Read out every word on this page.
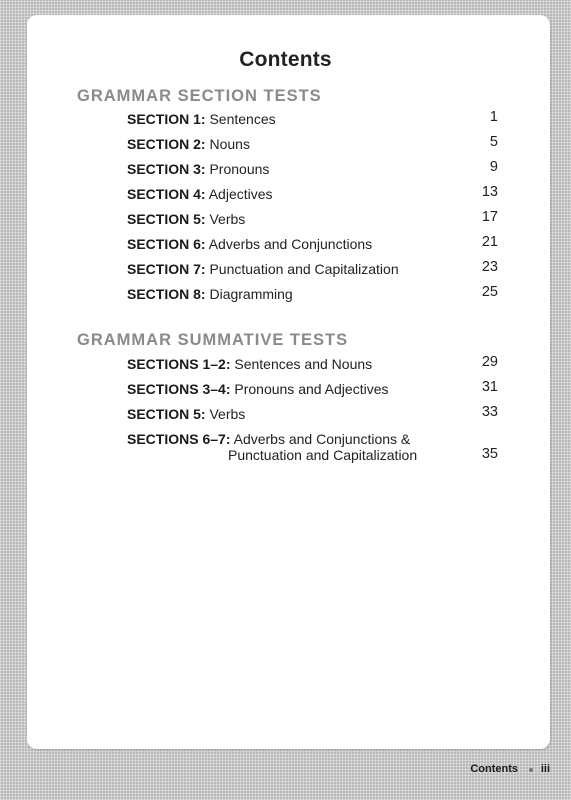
Contents
GRAMMAR SECTION TESTS
SECTION 1: Sentences	1
SECTION 2: Nouns	5
SECTION 3: Pronouns	9
SECTION 4: Adjectives	13
SECTION 5: Verbs	17
SECTION 6: Adverbs and Conjunctions	21
SECTION 7: Punctuation and Capitalization	23
SECTION 8: Diagramming	25
GRAMMAR SUMMATIVE TESTS
SECTIONS 1–2: Sentences and Nouns	29
SECTIONS 3–4: Pronouns and Adjectives	31
SECTION 5: Verbs	33
SECTIONS 6–7: Adverbs and Conjunctions &
Punctuation and Capitalization	35
Contents iii
